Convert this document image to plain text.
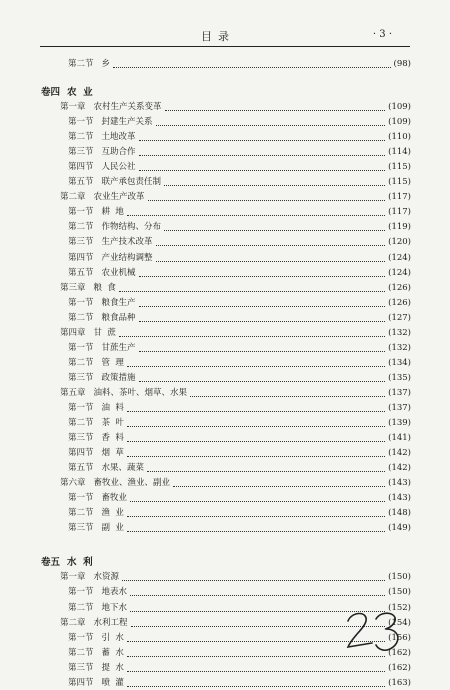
目录	· 3 ·
第二节 乡	(98)
卷四 农  业
第一章 农村生产关系变革	(109)
第一节 封建生产关系	(109)
第二节 土地改革	(110)
第三节 互助合作	(114)
第四节 人民公社	(115)
第五节 联产承包责任制	(115)
第二章 农业生产改革	(117)
第一节 耕  地	(117)
第二节 作物结构、分布	(119)
第三节 生产技术改革	(120)
第四节 产业结构调整	(124)
第五节 农业机械	(124)
第三章 粮  食	(126)
第一节 粮食生产	(126)
第二节 粮食品种	(127)
第四章 甘  蔗	(132)
第一节 甘蔗生产	(132)
第二节 管  理	(134)
第三节 政策措施	(135)
第五章 油料、茶叶、烟草、水果	(137)
第一节 油  料	(137)
第二节 茶  叶	(139)
第三节 香  料	(141)
第四节 烟  草	(142)
第五节 水果、蔬菜	(142)
第六章 畜牧业、渔业、副业	(143)
第一节 畜牧业	(143)
第二节 渔  业	(148)
第三节 副  业	(149)
卷五 水  利
第一章 水资源	(150)
第一节 地表水	(150)
第二节 地下水	(152)
第二章 水利工程	(154)
第一节 引  水	(156)
第二节 蓄  水	(162)
第三节 提  水	(162)
第四节 喷  灌	(163)
